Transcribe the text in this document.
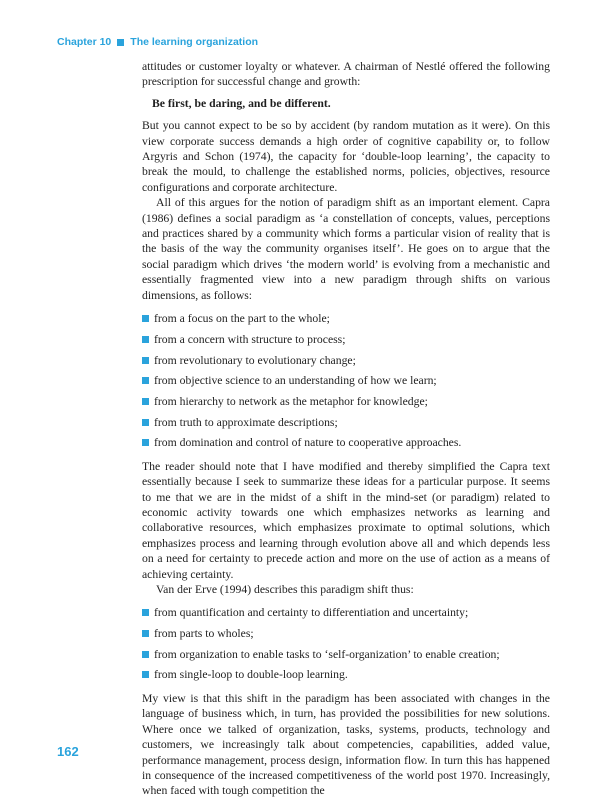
Chapter 10 The learning organization

attitudes or customer loyalty or whatever. A chairman of Nestlé offered the following prescription for successful change and growth:

Be first, be daring, and be different.

But you cannot expect to be so by accident (by random mutation as it were). On this view corporate success demands a high order of cognitive capability or, to follow Argyris and Schon (1974), the capacity for ‘double-loop learning’, the capacity to break the mould, to challenge the established norms, policies, objectives, resource configurations and corporate architecture.

All of this argues for the notion of paradigm shift as an important element. Capra (1986) defines a social paradigm as ‘a constellation of concepts, values, perceptions and practices shared by a community which forms a particular vision of reality that is the basis of the way the community organises itself’. He goes on to argue that the social paradigm which drives ‘the modern world’ is evolving from a mechanistic and essentially fragmented view into a new paradigm through shifts on various dimensions, as follows:

from a focus on the part to the whole;
from a concern with structure to process;
from revolutionary to evolutionary change;
from objective science to an understanding of how we learn;
from hierarchy to network as the metaphor for knowledge;
from truth to approximate descriptions;
from domination and control of nature to cooperative approaches.

The reader should note that I have modified and thereby simplified the Capra text essentially because I seek to summarize these ideas for a particular purpose. It seems to me that we are in the midst of a shift in the mind-set (or paradigm) related to economic activity towards one which emphasizes networks as learning and collaborative resources, which emphasizes proximate to optimal solutions, which emphasizes process and learning through evolution above all and which depends less on a need for certainty to precede action and more on the use of action as a means of achieving certainty.

Van der Erve (1994) describes this paradigm shift thus:

from quantification and certainty to differentiation and uncertainty;
from parts to wholes;
from organization to enable tasks to ‘self-organization’ to enable creation;
from single-loop to double-loop learning.

My view is that this shift in the paradigm has been associated with changes in the language of business which, in turn, has provided the possibilities for new solutions. Where once we talked of organization, tasks, systems, products, technology and customers, we increasingly talk about competencies, capabilities, added value, performance management, process design, information flow. In turn this has happened in consequence of the increased competitiveness of the world post 1970. Increasingly, when faced with tough competition the

162
